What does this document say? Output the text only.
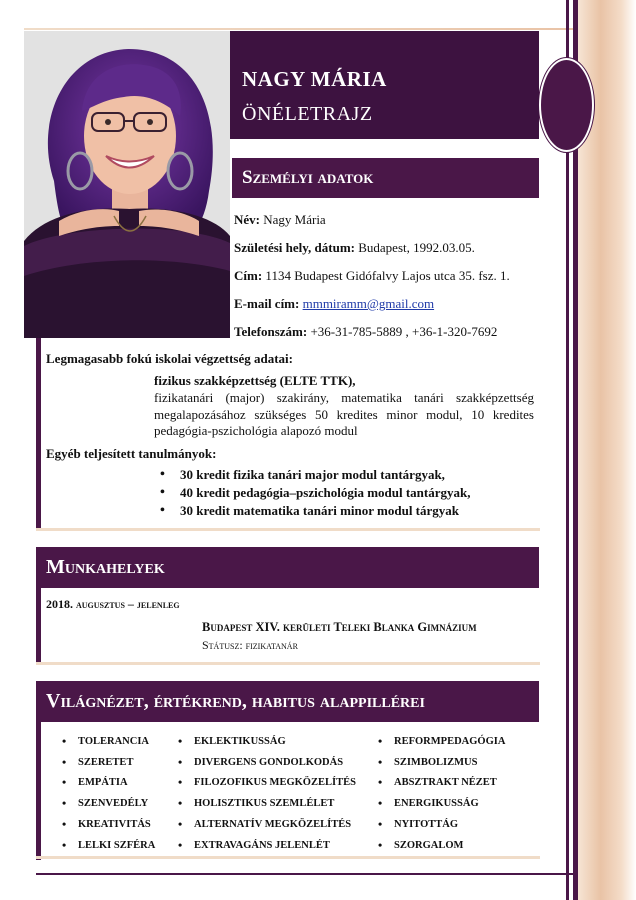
NAGY MÁRIA
ÖNÉLETRAJZ
Személyi adatok
Név: Nagy Mária
Születési hely, dátum: Budapest, 1992.03.05.
Cím: 1134 Budapest Gidófalvy Lajos utca 35. fsz. 1.
E-mail cím: mmmiramm@gmail.com
Telefonszám: +36-31-785-5889 , +36-1-320-7692
Legmagasabb fokú iskolai végzettség adatai:
fizikus szakképzettség (ELTE TTK),
fizikatanári (major) szakirány, matematika tanári szakképzettség megalapozásához szükséges 50 kredites minor modul, 10 kredites pedagógia-pszichológia alapozó modul
Egyéb teljesített tanulmányok:
• 30 kredit fizika tanári major modul tantárgyak,
• 40 kredit pedagógia–pszichológia modul tantárgyak,
• 30 kredit matematika tanári minor modul tárgyak
Munkahelyek
2018. augusztus – jelenleg
Budapest XIV. kerületi Teleki Blanka Gimnázium
Státusz: fizikatanár
Világnézet, értékrend, habitus alappillérei
• TOLERANCIA
• SZERETET
• EMPÁTIA
• SZENVEDÉLY
• KREATIVITÁS
• LELKI SZFÉRA
• EKLEKTIKUSSÁG
• DIVERGENS GONDOLKODÁS
• FILOZOFIKUS MEGKÖZELÍTÉS
• HOLISZTIKUS SZEMLÉLET
• ALTERNATÍV MEGKÖZELÍTÉS
• EXTRAVAGÁNS JELENLÉT
• REFORMPEDAGÓGIA
• SZIMBOLIZMUS
• ABSZTRAKT NÉZET
• ENERGIKUSSÁG
• NYITOTTÁG
• SZORGALOM
